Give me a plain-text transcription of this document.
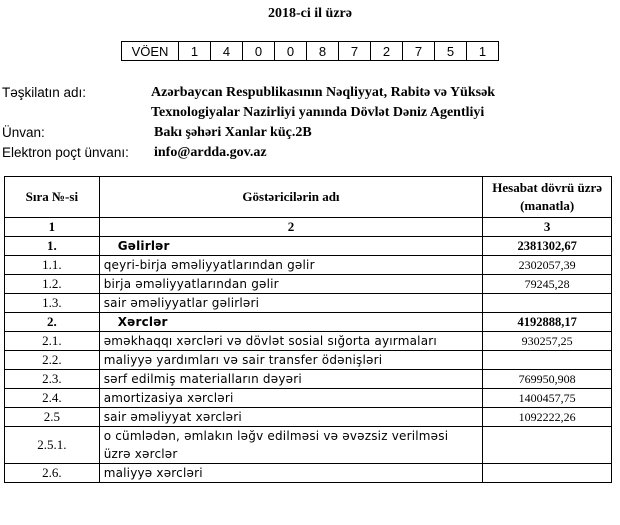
2018-ci il üzrə
VÖEN	1	4	0	0	8	7	2	7	5	1
Təşkilatın adı:	Azərbaycan Respublikasının Nəqliyyat, Rabitə və Yüksək
Texnologiyalar Nazirliyi yanında Dövlət Dəniz Agentliyi
Ünvan:	Bakı şəhəri Xanlar küç.2B
Elektron poçt ünvanı: info@ardda.gov.az
Sıra №-si	Göstəricilərin adı	Hesabat dövrü üzrə (manatla)
1	2	3
1.	Gəlirlər	2381302,67
1.1.	qeyri-birja əməliyyatlarından gəlir	2302057,39
1.2.	birja əməliyyatlarından gəlir	79245,28
1.3.	sair əməliyyatlar gəlirləri	
2.	Xərclər	4192888,17
2.1.	əməkhaqqı xərcləri və dövlət sosial sığorta ayırmaları	930257,25
2.2.	maliyyə yardımları və sair transfer ödənişləri	
2.3.	sərf edilmiş materialların dəyəri	769950,908
2.4.	amortizasiya xərcləri	1400457,75
2.5	sair əməliyyat xərcləri	1092222,26
2.5.1.	o cümlədən, əmlakın ləğv edilməsi və əvəzsiz verilməsi üzrə xərclər	
2.6.	maliyyə xərcləri	
